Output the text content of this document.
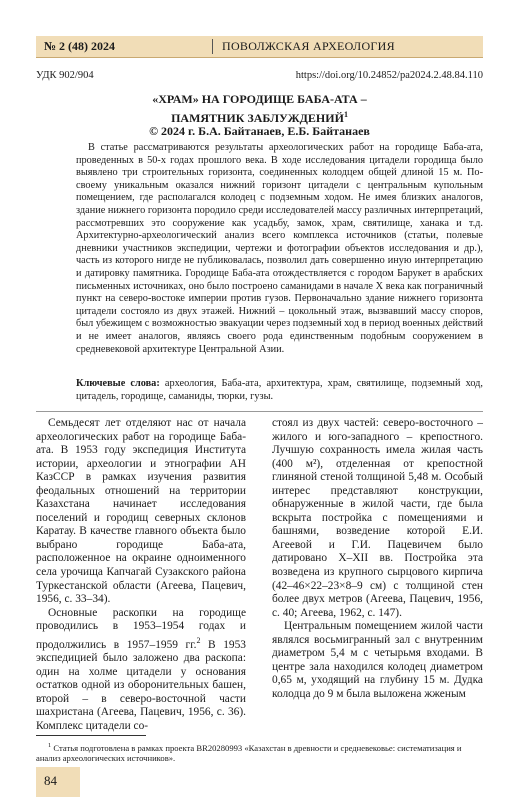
№ 2 (48) 2024	ПОВОЛЖСКАЯ АРХЕОЛОГИЯ
УДК 902/904	https://doi.org/10.24852/pa2024.2.48.84.110
«ХРАМ» НА ГОРОДИЩЕ БАБА-АТА –
ПАМЯТНИК ЗАБЛУЖДЕНИЙ$^1$
© 2024 г. Б.А. Байтанаев, Е.Б. Байтанаев

В статье рассматриваются результаты археологических работ на городище Баба-ата, проведенных в 50-х годах прошлого века. В ходе исследования цитадели городища было выявлено три строительных горизонта, соединенных колодцем общей длиной 15 м. По-своему уникальным оказался нижний горизонт цитадели с центральным купольным помещением, где располагался колодец с подземным ходом. Не имея близких аналогов, здание нижнего горизонта породило среди исследователей массу различных интерпретаций, рассмотревших это сооружение как усадьбу, замок, храм, святилище, ханака и т.д. Архитектурно-археологический анализ всего комплекса источников (статьи, полевые дневники участников экспедиции, чертежи и фотографии объектов исследования и др.), часть из которого нигде не публиковалась, позволил дать совершенно иную интерпретацию и датировку памятника. Городище Баба-ата отождествляется с городом Барукет в арабских письменных источниках, оно было построено саманидами в начале X века как пограничный пункт на северо-востоке империи против гузов. Первоначально здание нижнего горизонта цитадели состояло из двух этажей. Нижний – цокольный этаж, вызвавший массу споров, был убежищем с возможностью эвакуации через подземный ход в период военных действий и не имеет аналогов, являясь своего рода единственным подобным сооружением в средневековой архитектуре Центральной Азии.

Ключевые слова: археология, Баба-ата, архитектура, храм, святилище, подземный ход, цитадель, городище, саманиды, тюрки, гузы.

Семьдесят лет отделяют нас от начала археологических работ на городище Баба-ата. В 1953 году экспедиция Института истории, археологии и этнографии АН КазССР в рамках изучения развития феодальных отношений на территории Казахстана начинает исследования поселений и городищ северных склонов Каратау. В качестве главного объекта было выбрано городище Баба-ата, расположенное на окраине одноименного села урочища Капчагай Сузакского района Туркестанской области (Агеева, Пацевич, 1956, с. 33–34).

Основные раскопки на городище проводились в 1953–1954 годах и продолжились в 1957–1959 гг.$^2$ В 1953 экспедицией было заложено два раскопа: один на холме цитадели у основания остатков одной из оборонительных башен, второй – в северо-восточной части шахристана (Агеева, Пацевич, 1956, с. 36). Комплекс цитадели со-

стоял из двух частей: северо-восточного – жилого и юго-западного – крепостного. Лучшую сохранность имела жилая часть (400 м²), отделенная от крепостной глиняной стеной толщиной 5,48 м. Особый интерес представляют конструкции, обнаруженные в жилой части, где была вскрыта постройка с помещениями и башнями, возведение которой Е.И. Агеевой и Г.И. Пацевичем было датировано X–XII вв. Постройка эта возведена из крупного сырцового кирпича (42–46×22–23×8–9 см) с толщиной стен более двух метров (Агеева, Пацевич, 1956, с. 40; Агеева, 1962, с. 147).

Центральным помещением жилой части являлся восьмигранный зал с внутренним диаметром 5,4 м с четырьмя входами. В центре зала находился колодец диаметром 0,65 м, уходящий на глубину 15 м. Дудка колодца до 9 м была выложена жженым

$^1$ Статья подготовлена в рамках проекта BR20280993 «Казахстан в древности и средневековье: систематизация и анализ археологических источников».

84
